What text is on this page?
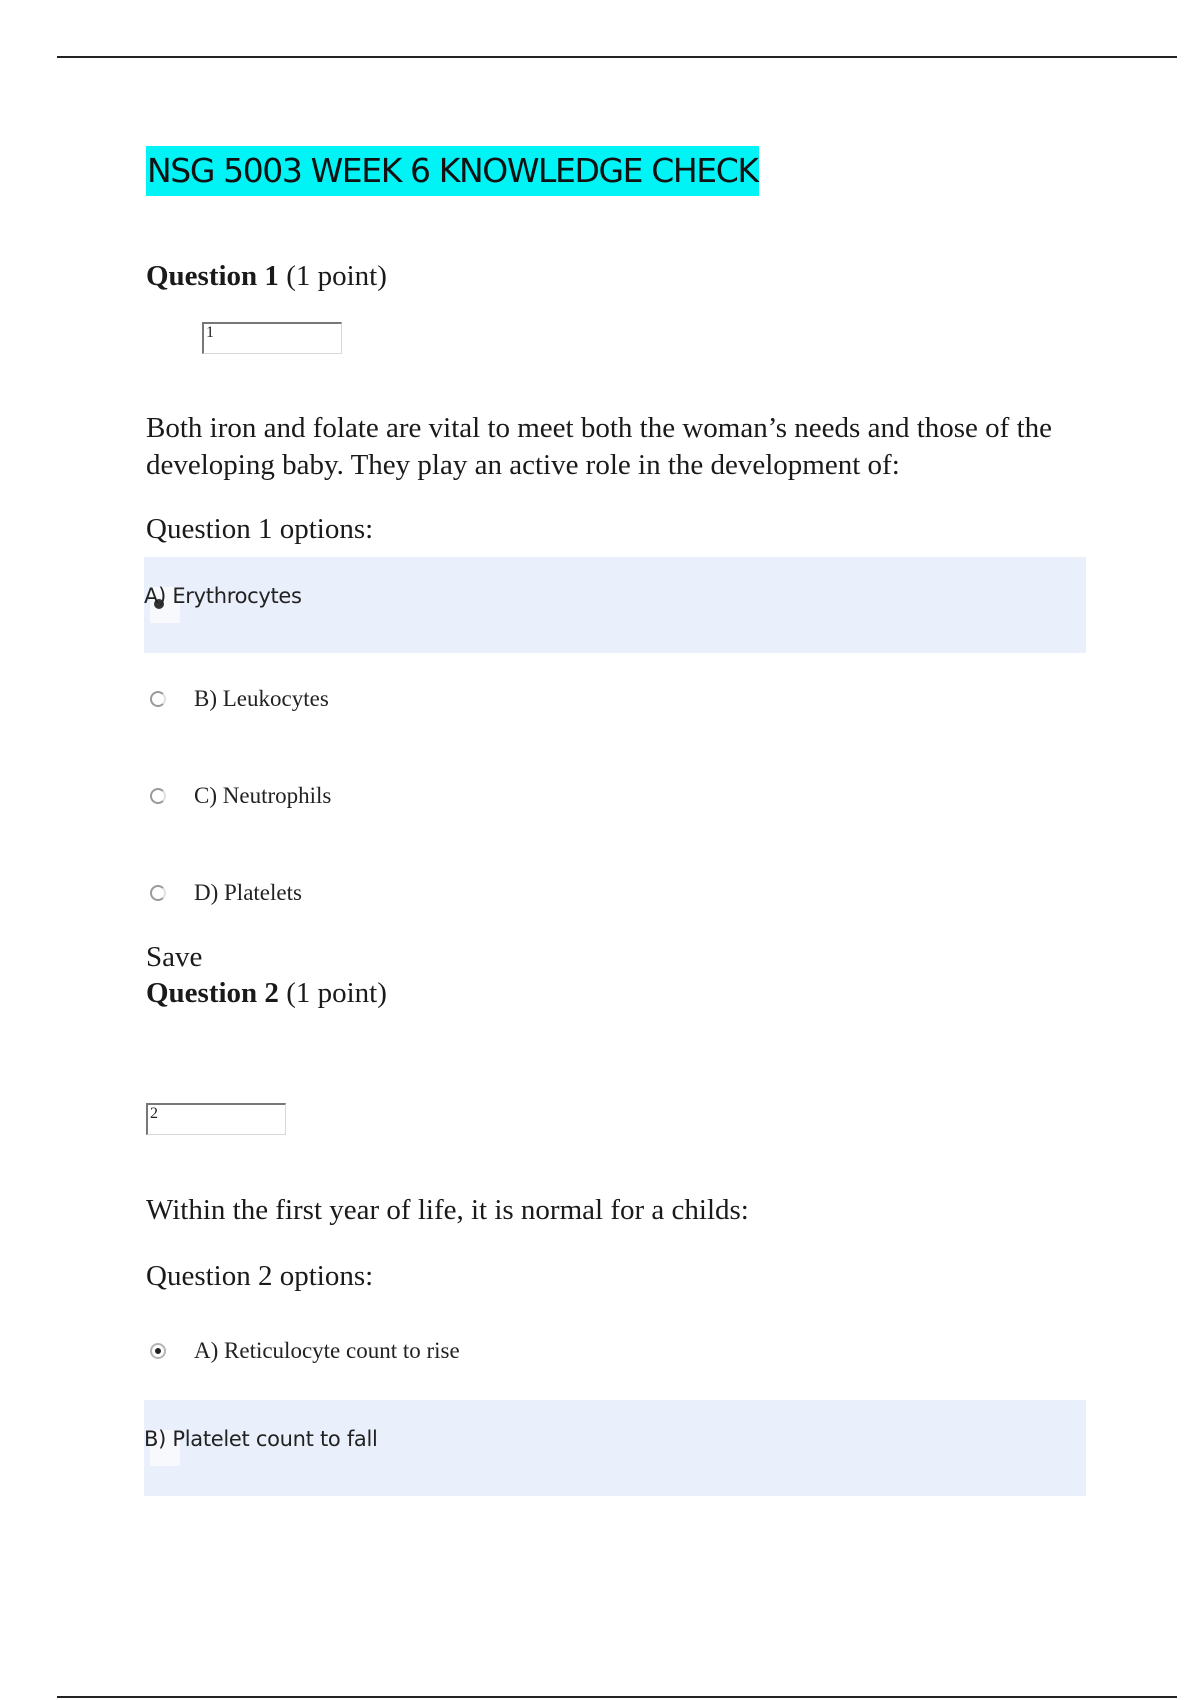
NSG 5003 WEEK 6 KNOWLEDGE CHECK
Question 1 (1 point)
1
Both iron and folate are vital to meet both the woman’s needs and those of the developing baby. They play an active role in the development of:
Question 1 options:
A) Erythrocytes
B) Leukocytes
C) Neutrophils
D) Platelets
Save
Question 2 (1 point)
2
Within the first year of life, it is normal for a childs:
Question 2 options:
A) Reticulocyte count to rise
B) Platelet count to fall
